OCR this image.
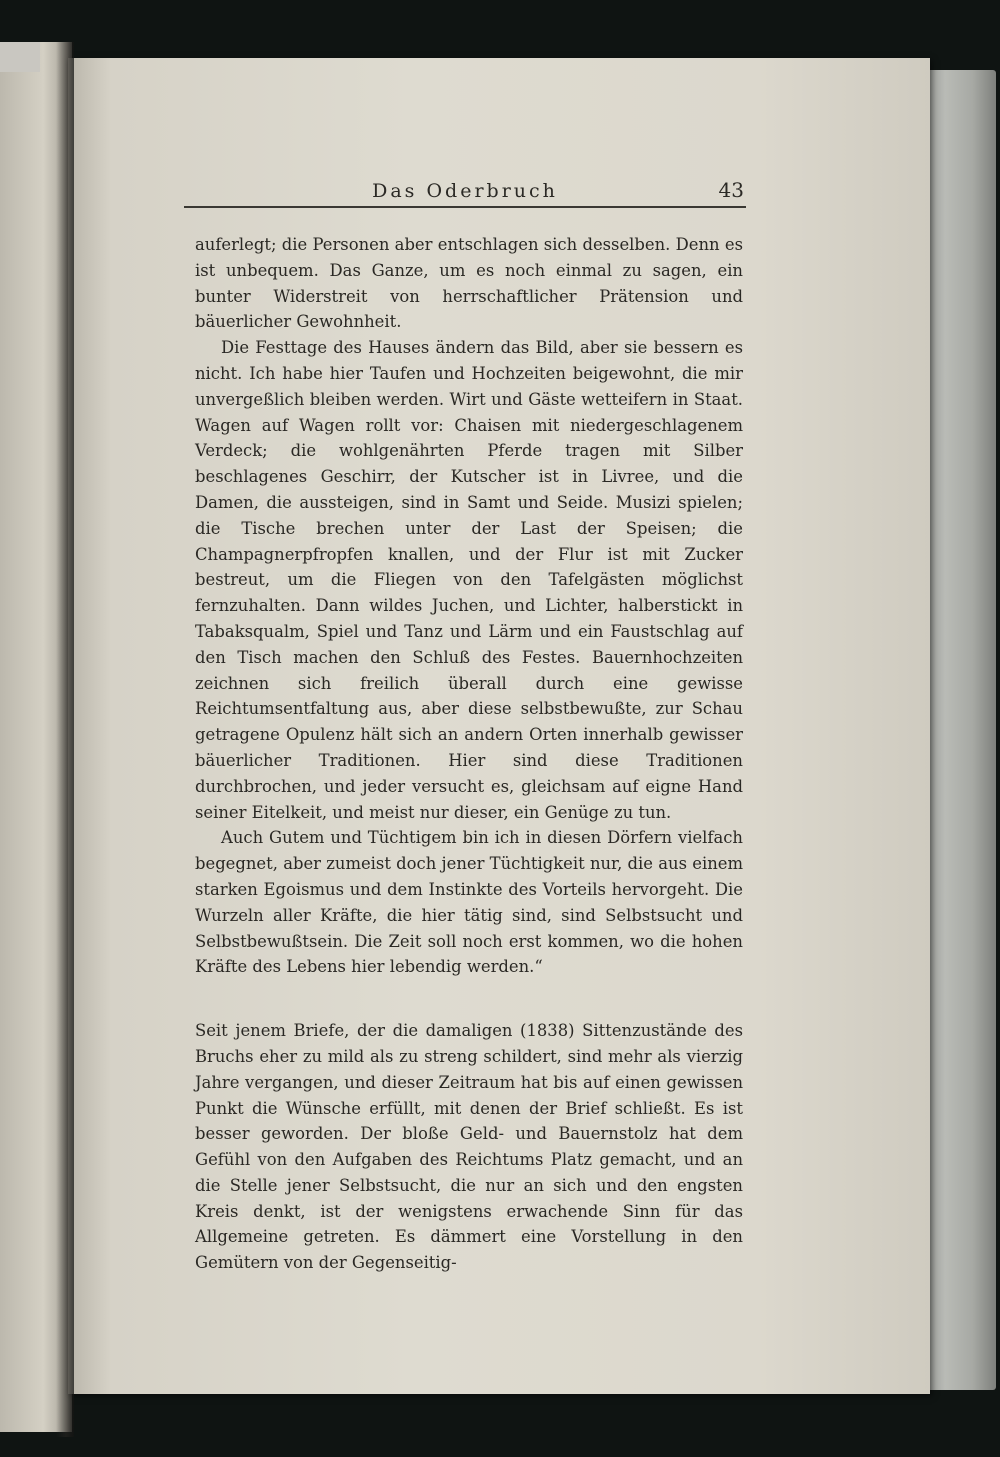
Das Oderbruch	43

auferlegt; die Personen aber entschlagen sich desselben. Denn es ist unbequem. Das Ganze, um es noch einmal zu sagen, ein bunter Widerstreit von herrschaftlicher Prätension und bäuerlicher Gewohnheit.

Die Festtage des Hauses ändern das Bild, aber sie bessern es nicht. Ich habe hier Taufen und Hochzeiten beigewohnt, die mir unvergeßlich bleiben werden. Wirt und Gäste wetteifern in Staat. Wagen auf Wagen rollt vor: Chaisen mit niedergeschlagenem Verdeck; die wohlgenährten Pferde tragen mit Silber beschlagenes Geschirr, der Kutscher ist in Livree, und die Damen, die aussteigen, sind in Samt und Seide. Musizi spielen; die Tische brechen unter der Last der Speisen; die Champagnerpfropfen knallen, und der Flur ist mit Zucker bestreut, um die Fliegen von den Tafelgästen möglichst fernzuhalten. Dann wildes Juchen, und Lichter, halberstickt in Tabaksqualm, Spiel und Tanz und Lärm und ein Faustschlag auf den Tisch machen den Schluß des Festes. Bauernhochzeiten zeichnen sich freilich überall durch eine gewisse Reichtumsentfaltung aus, aber diese selbstbewußte, zur Schau getragene Opulenz hält sich an andern Orten innerhalb gewisser bäuerlicher Traditionen. Hier sind diese Traditionen durchbrochen, und jeder versucht es, gleichsam auf eigne Hand seiner Eitelkeit, und meist nur dieser, ein Genüge zu tun.

Auch Gutem und Tüchtigem bin ich in diesen Dörfern vielfach begegnet, aber zumeist doch jener Tüchtigkeit nur, die aus einem starken Egoismus und dem Instinkte des Vorteils hervorgeht. Die Wurzeln aller Kräfte, die hier tätig sind, sind Selbstsucht und Selbstbewußtsein. Die Zeit soll noch erst kommen, wo die hohen Kräfte des Lebens hier lebendig werden.“

Seit jenem Briefe, der die damaligen (1838) Sittenzustände des Bruchs eher zu mild als zu streng schildert, sind mehr als vierzig Jahre vergangen, und dieser Zeitraum hat bis auf einen gewissen Punkt die Wünsche erfüllt, mit denen der Brief schließt. Es ist besser geworden. Der bloße Geld- und Bauernstolz hat dem Gefühl von den Aufgaben des Reichtums Platz gemacht, und an die Stelle jener Selbstsucht, die nur an sich und den engsten Kreis denkt, ist der wenigstens erwachende Sinn für das Allgemeine getreten. Es dämmert eine Vorstellung in den Gemütern von der Gegenseitig-
